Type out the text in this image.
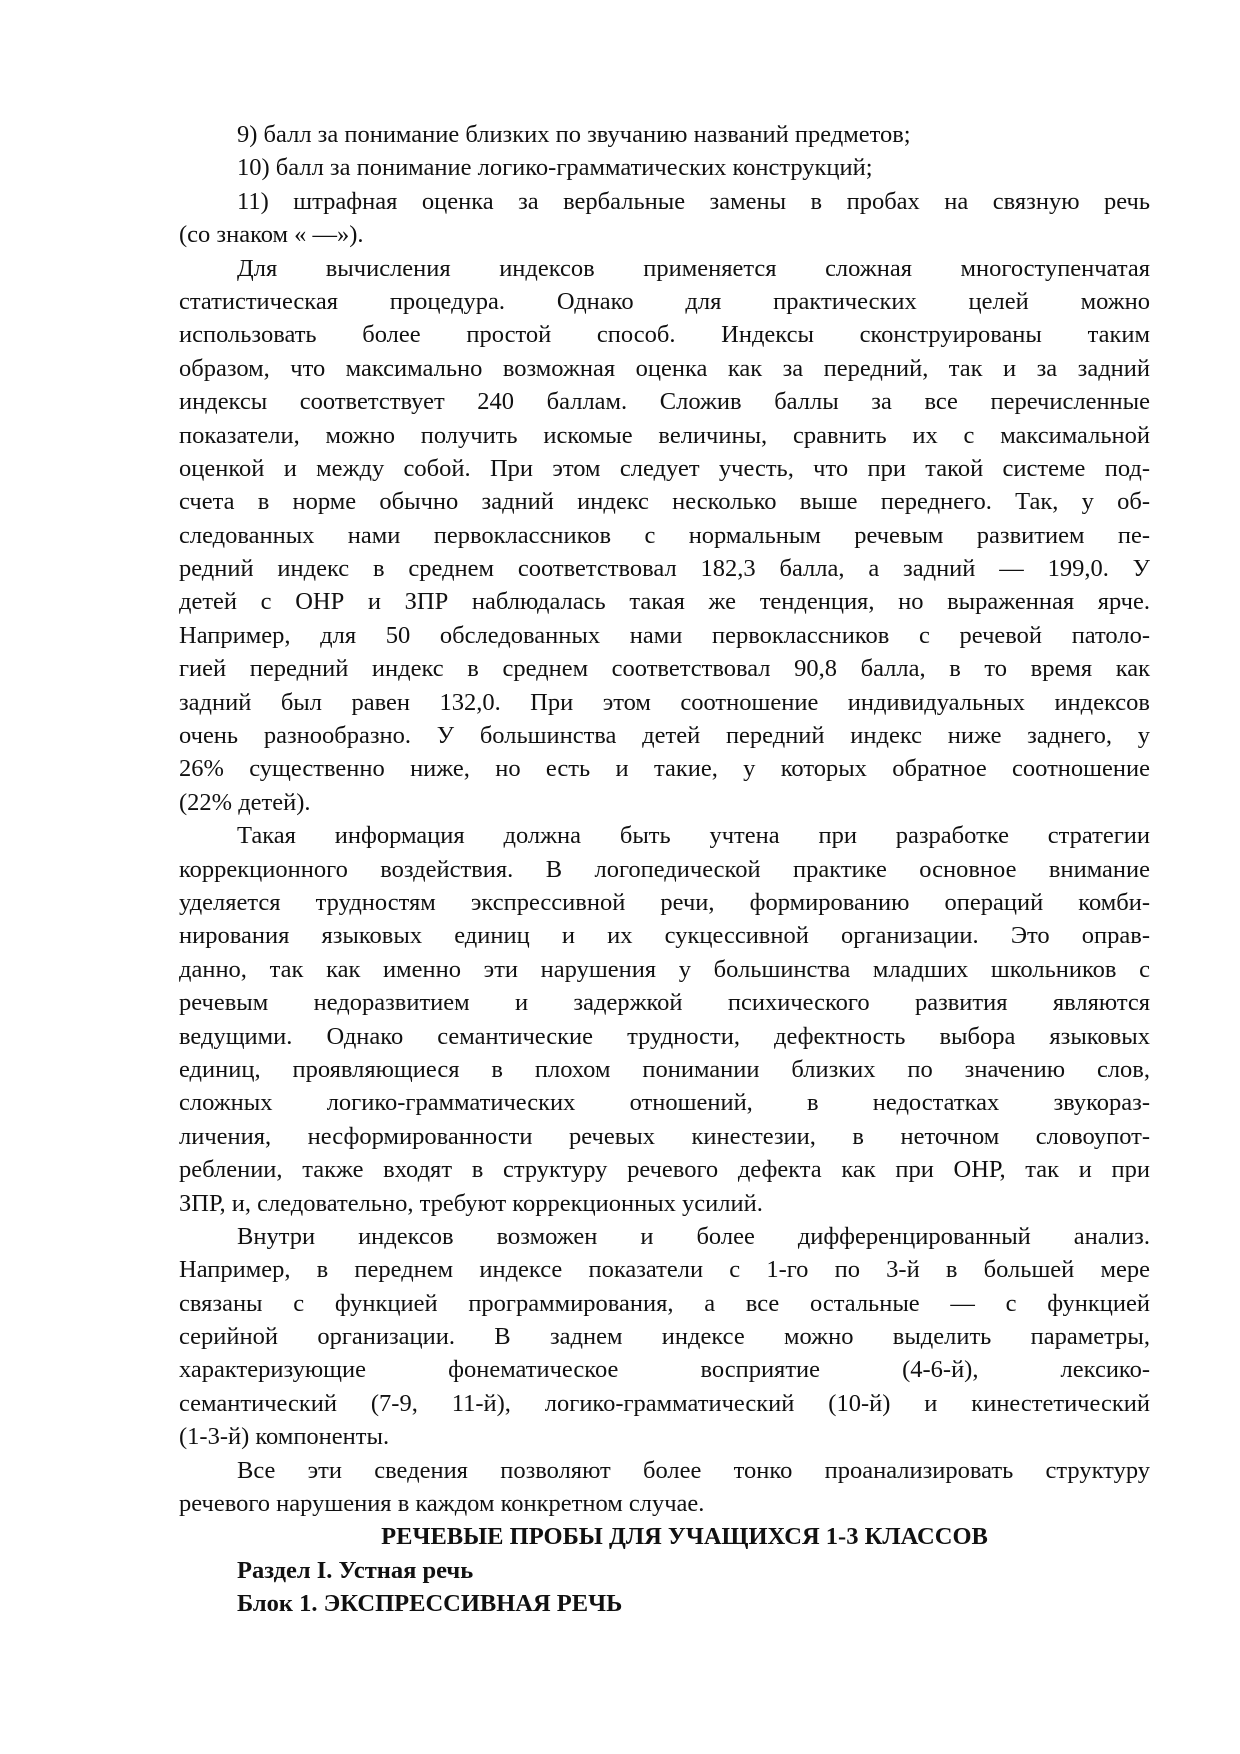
9) балл за понимание близких по звучанию названий предметов;
10) балл за понимание логико-грамматических конструкций;
11) штрафная оценка за вербальные замены в пробах на связную речь
(со знаком « —»).
Для вычисления индексов применяется сложная многоступенчатая
статистическая процедура. Однако для практических целей можно
использовать более простой способ. Индексы сконструированы таким
образом, что максимально возможная оценка как за передний, так и за задний
индексы соответствует 240 баллам. Сложив баллы за все перечисленные
показатели, можно получить искомые величины, сравнить их с максимальной
оценкой и между собой. При этом следует учесть, что при такой системе под-
счета в норме обычно задний индекс несколько выше переднего. Так, у об-
следованных нами первоклассников с нормальным речевым развитием пе-
редний индекс в среднем соответствовал 182,3 балла, а задний — 199,0. У
детей с ОНР и ЗПР наблюдалась такая же тенденция, но выраженная ярче.
Например, для 50 обследованных нами первоклассников с речевой патоло-
гией передний индекс в среднем соответствовал 90,8 балла, в то время как
задний был равен 132,0. При этом соотношение индивидуальных индексов
очень разнообразно. У большинства детей передний индекс ниже заднего, у
26% существенно ниже, но есть и такие, у которых обратное соотношение
(22% детей).
Такая информация должна быть учтена при разработке стратегии
коррекционного воздействия. В логопедической практике основное внимание
уделяется трудностям экспрессивной речи, формированию операций комби-
нирования языковых единиц и их сукцессивной организации. Это оправ-
данно, так как именно эти нарушения у большинства младших школьников с
речевым недоразвитием и задержкой психического развития являются
ведущими. Однако семантические трудности, дефектность выбора языковых
единиц, проявляющиеся в плохом понимании близких по значению слов,
сложных логико-грамматических отношений, в недостатках звукораз-
личения, несформированности речевых кинестезии, в неточном словоупот-
реблении, также входят в структуру речевого дефекта как при ОНР, так и при
ЗПР, и, следовательно, требуют коррекционных усилий.
Внутри индексов возможен и более дифференцированный анализ.
Например, в переднем индексе показатели с 1-го по 3-й в большей мере
связаны с функцией программирования, а все остальные — с функцией
серийной организации. В заднем индексе можно выделить параметры,
характеризующие фонематическое восприятие (4-6-й), лексико-
семантический (7-9, 11-й), логико-грамматический (10-й) и кинестетический
(1-3-й) компоненты.
Все эти сведения позволяют более тонко проанализировать структуру
речевого нарушения в каждом конкретном случае.
РЕЧЕВЫЕ ПРОБЫ ДЛЯ УЧАЩИХСЯ 1-3 КЛАССОВ
Раздел I. Устная речь
Блок 1. ЭКСПРЕССИВНАЯ РЕЧЬ
